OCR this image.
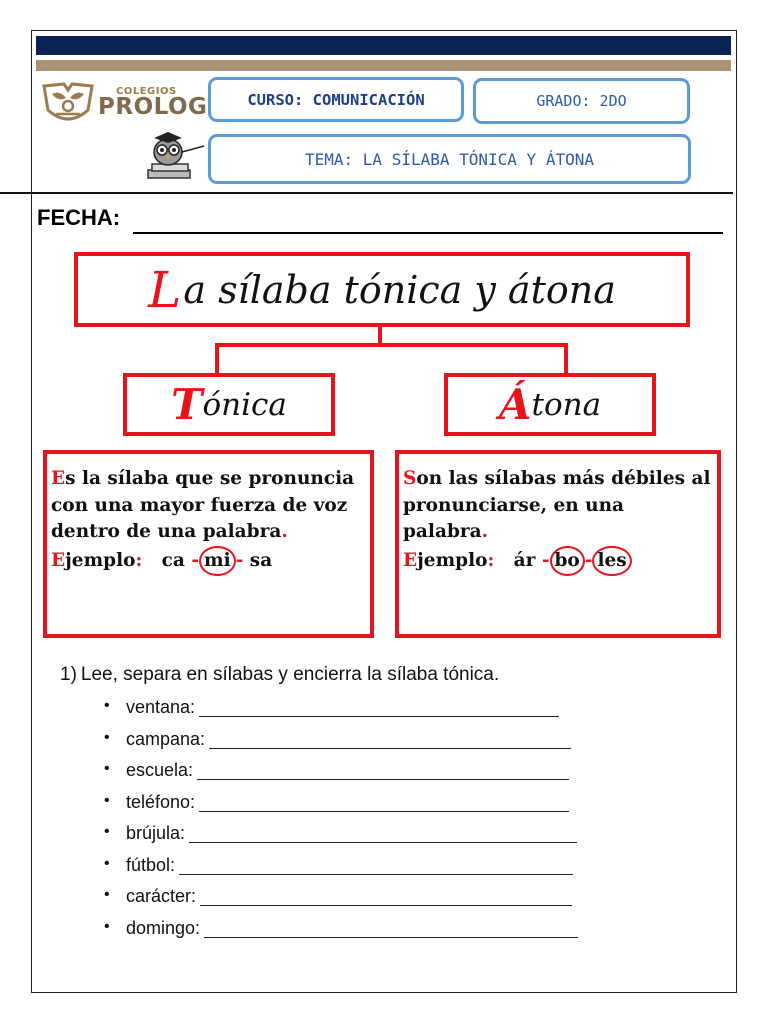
COLEGIOS
PROLOG	CURSO: COMUNICACIÓN	GRADO: 2DO
TEMA: LA SÍLABA TÓNICA Y ÁTONA
FECHA:
L a sílaba tónica y átona
T ónica	Á tona
Es la sílaba que se pronuncia con una mayor fuerza de voz dentro de una palabra.
Ejemplo: ca - mi - sa
Son las sílabas más débiles al pronunciarse, en una palabra.
Ejemplo: ár - bo - les
1) Lee, separa en sílabas y encierra la sílaba tónica.
• ventana:
• campana:
• escuela:
• teléfono:
• brújula:
• fútbol:
• carácter:
• domingo:
